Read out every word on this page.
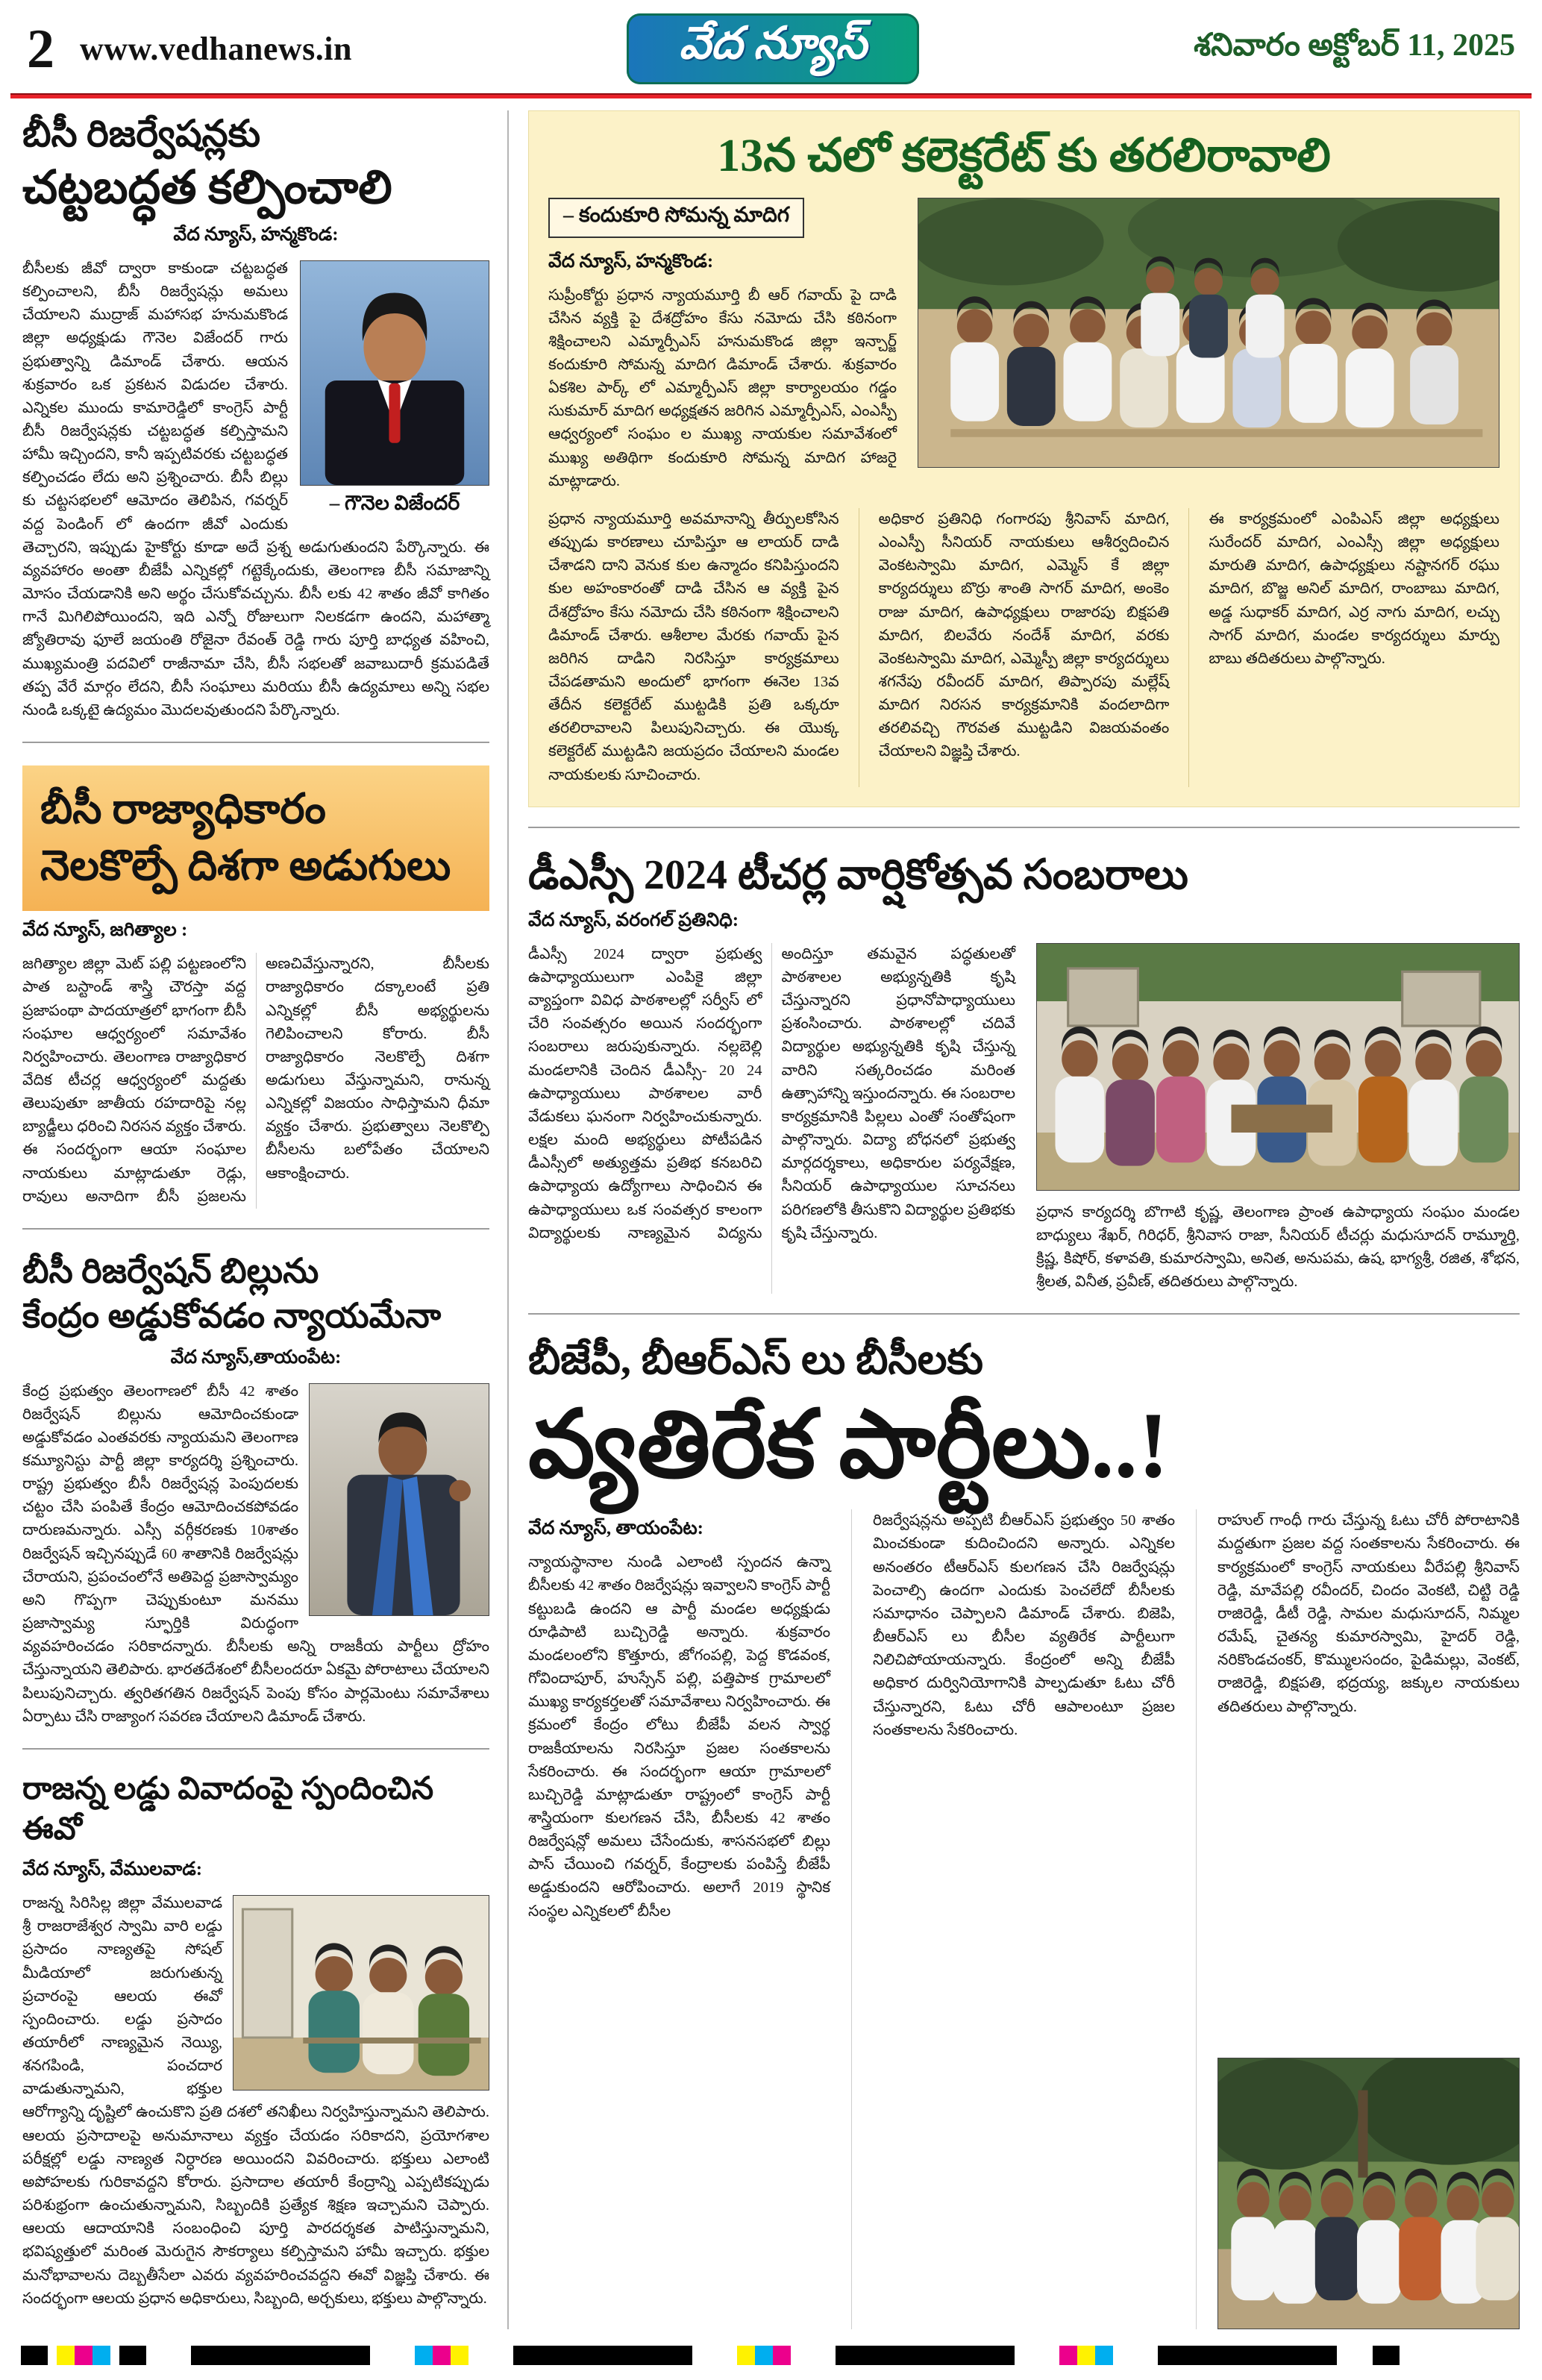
2 www.vedhanews.in	వేద న్యూస్	శనివారం అక్టోబర్ 11, 2025
బీసీ రిజర్వేషన్లకు
చట్టబద్ధత కల్పించాలి

వేద న్యూస్, హన్మకొండ:

– గౌనెల విజేందర్

బీసీలకు జీవో ద్వారా కాకుండా చట్టబద్ధత కల్పించాలని, బీసీ రిజర్వేషన్లు అమలు చేయాలని ముద్రాజ్ మహాసభ హనుమకొండ జిల్లా అధ్యక్షుడు గౌనెల విజేందర్ గారు ప్రభుత్వాన్ని డిమాండ్ చేశారు. ఆయన శుక్రవారం ఒక ప్రకటన విడుదల చేశారు. ఎన్నికల ముందు కామారెడ్డిలో కాంగ్రెస్ పార్టీ బీసీ రిజర్వేషన్లకు చట్టబద్ధత కల్పిస్తామని హామీ ఇచ్చిందని, కానీ ఇప్పటివరకు చట్టబద్ధత కల్పించడం లేదు అని ప్రశ్నించారు. బీసీ బిల్లు కు చట్టసభలలో ఆమోదం తెలిపిన, గవర్నర్ వద్ద పెండింగ్ లో ఉందగా జీవో ఎందుకు తెచ్చారని, ఇప్పుడు హైకోర్టు కూడా అదే ప్రశ్న అడుగుతుందని పేర్కొన్నారు. ఈ వ్యవహారం అంతా బీజేపీ ఎన్నికల్లో గట్టెక్కేందుకు, తెలంగాణ బీసీ సమాజాన్ని మోసం చేయడానికి అని అర్థం చేసుకోవచ్చును. బీసీ లకు 42 శాతం జీవో కాగితం గానే మిగిలిపోయిందని, ఇది ఎన్నో రోజులుగా నిలకడగా ఉందని, మహాత్మా జ్యోతిరావు ఫూలే జయంతి రోజైనా రేవంత్ రెడ్డి గారు పూర్తి బాధ్యత వహించి, ముఖ్యమంత్రి పదవిలో రాజీనామా చేసి, బీసీ సభలతో జవాబుదారీ క్రమపడితే తప్ప వేరే మార్గం లేదని, బీసీ సంఘాలు మరియు బీసీ ఉద్యమాలు అన్ని సభల నుండి ఒక్కటై ఉద్యమం మొదలవుతుందని పేర్కొన్నారు.

బీసీ రాజ్యాధికారం
నెలకొల్పే దిశగా అడుగులు

వేద న్యూస్, జగిత్యాల :

జగిత్యాల జిల్లా మెట్ పల్లి పట్టణంలోని పాత బస్టాండ్ శాస్త్రి చౌరస్తా వద్ద ప్రజాపంథా పాదయాత్రలో భాగంగా బీసీ సంఘాల ఆధ్వర్యంలో సమావేశం నిర్వహించారు. తెలంగాణ రాజ్యాధికార వేదిక టీచర్ల ఆధ్వర్యంలో మద్దతు తెలుపుతూ జాతీయ రహదారిపై నల్ల బ్యాడ్జీలు ధరించి నిరసన వ్యక్తం చేశారు. ఈ సందర్భంగా ఆయా సంఘాల నాయకులు మాట్లాడుతూ రెడ్లు, రావులు అనాదిగా బీసీ ప్రజలను అణచివేస్తున్నారని, బీసీలకు రాజ్యాధికారం దక్కాలంటే ప్రతి ఎన్నికల్లో బీసీ అభ్యర్థులను గెలిపించాలని కోరారు. బీసీ రాజ్యాధికారం నెలకొల్పే దిశగా అడుగులు వేస్తున్నామని, రానున్న ఎన్నికల్లో విజయం సాధిస్తామని ధీమా వ్యక్తం చేశారు. ప్రభుత్వాలు నెలకొల్పి బీసీలను బలోపేతం చేయాలని ఆకాంక్షించారు.

బీసీ రిజర్వేషన్ బిల్లును
కేంద్రం అడ్డుకోవడం న్యాయమేనా

వేద న్యూస్,తాయంపేట:

కేంద్ర ప్రభుత్వం తెలంగాణలో బీసీ 42 శాతం రిజర్వేషన్ బిల్లును ఆమోదించకుండా అడ్డుకోవడం ఎంతవరకు న్యాయమని తెలంగాణ కమ్యూనిస్టు పార్టీ జిల్లా కార్యదర్శి ప్రశ్నించారు. రాష్ట్ర ప్రభుత్వం బీసీ రిజర్వేషన్ల పెంపుదలకు చట్టం చేసి పంపితే కేంద్రం ఆమోదించకపోవడం దారుణమన్నారు. ఎస్సీ వర్గీకరణకు 10శాతం రిజర్వేషన్ ఇచ్చినప్పుడే 60 శాతానికి రిజర్వేషన్లు చేరాయని, ప్రపంచంలోనే అతిపెద్ద ప్రజాస్వామ్యం అని గొప్పగా చెప్పుకుంటూ మనము ప్రజాస్వామ్య స్ఫూర్తికి విరుద్ధంగా వ్యవహరించడం సరికాదన్నారు. బీసీలకు అన్ని రాజకీయ పార్టీలు ద్రోహం చేస్తున్నాయని తెలిపారు. భారతదేశంలో బీసీలందరూ ఏకమై పోరాటాలు చేయాలని పిలుపునిచ్చారు. త్వరితగతిన రిజర్వేషన్ పెంపు కోసం పార్లమెంటు సమావేశాలు ఏర్పాటు చేసి రాజ్యాంగ సవరణ చేయాలని డిమాండ్ చేశారు.

రాజన్న లడ్డు వివాదంపై స్పందించిన ఈవో

వేద న్యూస్, వేములవాడ:

రాజన్న సిరిసిల్ల జిల్లా వేములవాడ శ్రీ రాజరాజేశ్వర స్వామి వారి లడ్డు ప్రసాదం నాణ్యతపై సోషల్ మీడియాలో జరుగుతున్న ప్రచారంపై ఆలయ ఈవో స్పందించారు. లడ్డు ప్రసాదం తయారీలో నాణ్యమైన నెయ్యి, శనగపిండి, పంచదార వాడుతున్నామని, భక్తుల ఆరోగ్యాన్ని దృష్టిలో ఉంచుకొని ప్రతి దశలో తనిఖీలు నిర్వహిస్తున్నామని తెలిపారు. ఆలయ ప్రసాదాలపై అనుమానాలు వ్యక్తం చేయడం సరికాదని, ప్రయోగశాల పరీక్షల్లో లడ్డు నాణ్యత నిర్ధారణ అయిందని వివరించారు. భక్తులు ఎలాంటి అపోహలకు గురికావద్దని కోరారు. ప్రసాదాల తయారీ కేంద్రాన్ని ఎప్పటికప్పుడు పరిశుభ్రంగా ఉంచుతున్నామని, సిబ్బందికి ప్రత్యేక శిక్షణ ఇచ్చామని చెప్పారు. ఆలయ ఆదాయానికి సంబంధించి పూర్తి పారదర్శకత పాటిస్తున్నామని, భవిష్యత్తులో మరింత మెరుగైన సౌకర్యాలు కల్పిస్తామని హామీ ఇచ్చారు. భక్తుల మనోభావాలను దెబ్బతీసేలా ఎవరు వ్యవహరించవద్దని ఈవో విజ్ఞప్తి చేశారు. ఈ సందర్భంగా ఆలయ ప్రధాన అధికారులు, సిబ్బంది, అర్చకులు, భక్తులు పాల్గొన్నారు.

13న చలో కలెక్టరేట్ కు తరలిరావాలి
– కందుకూరి సోమన్న మాదిగ

వేద న్యూస్, హన్మకొండ:

సుప్రీంకోర్టు ప్రధాన న్యాయమూర్తి బీ ఆర్ గవాయ్ పై దాడి చేసిన వ్యక్తి పై దేశద్రోహం కేసు నమోదు చేసి కఠినంగా శిక్షించాలని ఎమ్మార్పీఎస్ హనుమకొండ జిల్లా ఇన్చార్జ్ కందుకూరి సోమన్న మాదిగ డిమాండ్ చేశారు. శుక్రవారం ఏకశిల పార్క్ లో ఎమ్మార్పీఎస్ జిల్లా కార్యాలయం గడ్డం సుకుమార్ మాదిగ అధ్యక్షతన జరిగిన ఎమ్మార్పీఎస్, ఎంఎస్పీ ఆధ్వర్యంలో సంఘం ల ముఖ్య నాయకుల సమావేశంలో ముఖ్య అతిథిగా కందుకూరి సోమన్న మాదిగ హాజరై మాట్లాడారు.

ప్రధాన న్యాయమూర్తి అవమానాన్ని తీర్పులకోసిన తప్పుడు కారణాలు చూపిస్తూ ఆ లాయర్ దాడి చేశాడని దాని వెనుక కుల ఉన్మాదం కనిపిస్తుందని కుల అహంకారంతో దాడి చేసిన ఆ వ్యక్తి పైన దేశద్రోహం కేసు నమోదు చేసి కఠినంగా శిక్షించాలని డిమాండ్ చేశారు. ఆశీలాల మేరకు గవాయ్ పైన జరిగిన దాడిని నిరసిస్తూ కార్యక్రమాలు చేపడతామని అందులో భాగంగా ఈనెల 13వ తేదీన కలెక్టరేట్ ముట్టడికి ప్రతి ఒక్కరూ తరలిరావాలని పిలుపునిచ్చారు. ఈ యొక్క కలెక్టరేట్ ముట్టడిని జయప్రదం చేయాలని మండల నాయకులకు సూచించారు.
అధికార ప్రతినిధి గంగారపు శ్రీనివాస్ మాదిగ, ఎంఎస్పీ సీనియర్ నాయకులు ఆశీర్వదించిన వెంకటస్వామి మాదిగ, ఎమ్మెస్ కే జిల్లా కార్యదర్శులు బొర్రు శాంతి సాగర్ మాదిగ, అంకెం రాజు మాదిగ, ఉపాధ్యక్షులు రాజారపు బిక్షపతి మాదిగ, బిలవేరు నందేశ్ మాదిగ, వరకు వెంకటస్వామి మాదిగ, ఎమ్మెస్పీ జిల్లా కార్యదర్శులు శగనేపు రవీందర్ మాదిగ, తిప్పారపు మల్లేష్ మాదిగ నిరసన కార్యక్రమానికి వందలాదిగా తరలివచ్చి గౌరవత ముట్టడిని విజయవంతం చేయాలని విజ్ఞప్తి చేశారు.
ఈ కార్యక్రమంలో ఎంపిఎస్ జిల్లా అధ్యక్షులు సురేందర్ మాదిగ, ఎంఎస్సీ జిల్లా అధ్యక్షులు మారుతి మాదిగ, ఉపాధ్యక్షులు నష్టానగర్ రఘు మాదిగ, బొజ్జ అనిల్ మాదిగ, రాంబాబు మాదిగ, అడ్డ సుధాకర్ మాదిగ, ఎర్ర నాగు మాదిగ, లచ్చు సాగర్ మాదిగ, మండల కార్యదర్శులు మార్పు బాబు తదితరులు పాల్గొన్నారు.
డీఎస్సీ 2024 టీచర్ల వార్షికోత్సవ సంబరాలు

వేద న్యూస్, వరంగల్ ప్రతినిధి:

డీఎస్సీ 2024 ద్వారా ప్రభుత్వ ఉపాధ్యాయులుగా ఎంపికై జిల్లా వ్యాప్తంగా వివిధ పాఠశాలల్లో సర్వీస్ లో చేరి సంవత్సరం అయిన సందర్భంగా సంబరాలు జరుపుకున్నారు. నల్లబెల్లి మండలానికి చెందిన డీఎస్సీ- 20 24 ఉపాధ్యాయులు పాఠశాలల వారీ వేడుకలు ఘనంగా నిర్వహించుకున్నారు. లక్షల మంది అభ్యర్థులు పోటీపడిన డీఎస్సీలో అత్యుత్తమ ప్రతిభ కనబరిచి ఉపాధ్యాయ ఉద్యోగాలు సాధించిన ఈ ఉపాధ్యాయులు ఒక సంవత్సర కాలంగా విద్యార్థులకు నాణ్యమైన విద్యను అందిస్తూ తమవైన పద్ధతులతో పాఠశాలల అభ్యున్నతికి కృషి చేస్తున్నారని ప్రధానోపాధ్యాయులు ప్రశంసించారు. పాఠశాలల్లో చదివే విద్యార్థుల అభ్యున్నతికి కృషి చేస్తున్న వారిని సత్కరించడం మరింత ఉత్సాహాన్ని ఇస్తుందన్నారు. ఈ సంబరాల కార్యక్రమానికి పిల్లలు ఎంతో సంతోషంగా పాల్గొన్నారు. విద్యా బోధనలో ప్రభుత్వ మార్గదర్శకాలు, అధికారుల పర్యవేక్షణ, సీనియర్ ఉపాధ్యాయుల సూచనలు పరిగణలోకి తీసుకొని విద్యార్థుల ప్రతిభకు కృషి చేస్తున్నారు.
ప్రధాన కార్యదర్శి బొగాటి కృష్ణ, తెలంగాణ ప్రాంత ఉపాధ్యాయ సంఘం మండల బాధ్యులు శేఖర్, గిరిధర్, శ్రీనివాస రాజా, సీనియర్ టీచర్లు మధుసూదన్ రామ్మూర్తి, క్రిష్ణ, కిషోర్, కళావతి, కుమారస్వామి, అనిత, అనుపమ, ఉష, భాగ్యశ్రీ, రజిత, శోభన, శ్రీలత, వినీత, ప్రవీణ్, తదితరులు పాల్గొన్నారు.
బీజేపీ, బీఆర్ఎస్ లు బీసీలకు
వ్యతిరేక పార్టీలు..!

వేద న్యూస్, తాయంపేట:

న్యాయస్థానాల నుండి ఎలాంటి స్పందన ఉన్నా బీసీలకు 42 శాతం రిజర్వేషన్లు ఇవ్వాలని కాంగ్రెస్ పార్టీ కట్టుబడి ఉందని ఆ పార్టీ మండల అధ్యక్షుడు రూఢిపాటి బుచ్చిరెడ్డి అన్నారు. శుక్రవారం మండలంలోని కొత్తూరు, జోగంపల్లి, పెద్ద కొడవంక, గోవిందాపూర్, హుస్సేన్ పల్లి, పత్తిపాక గ్రామాలలో ముఖ్య కార్యకర్తలతో సమావేశాలు నిర్వహించారు. ఈ క్రమంలో కేంద్రం లోటు బీజేపీ వలన స్వార్థ రాజకీయాలను నిరసిస్తూ ప్రజల సంతకాలను సేకరించారు. ఈ సందర్భంగా ఆయా గ్రామాలలో బుచ్చిరెడ్డి మాట్లాడుతూ రాష్ట్రంలో కాంగ్రెస్ పార్టీ శాస్త్రియంగా కులగణన చేసి, బీసీలకు 42 శాతం రిజర్వేషన్లో అమలు చేసేందుకు, శాసనసభలో బిల్లు పాస్ చేయించి గవర్నర్, కేంద్రాలకు పంపిస్తే బీజేపీ అడ్డుకుందని ఆరోపించారు. అలాగే 2019 స్థానిక సంస్థల ఎన్నికలలో బీసీల

రిజర్వేషన్లను అప్పటి బీఆర్ఎస్ ప్రభుత్వం 50 శాతం మించకుండా కుదించిందని అన్నారు. ఎన్నికల అనంతరం టీఆర్ఎస్ కులగణన చేసి రిజర్వేషన్లు పెంచాల్సి ఉందగా ఎందుకు పెంచలేదో బీసీలకు సమాధానం చెప్పాలని డిమాండ్ చేశారు. బిజెపి, బీఆర్ఎస్ లు బీసీల వ్యతిరేక పార్టీలుగా నిలిచిపోయాయన్నారు. కేంద్రంలో అన్ని బీజేపీ అధికార దుర్వినియోగానికి పాల్పడుతూ ఓటు చోరీ చేస్తున్నారని, ఓటు చోరీ ఆపాలంటూ ప్రజల సంతకాలను సేకరించారు.

రాహుల్ గాంధీ గారు చేస్తున్న ఓటు చోరీ పోరాటానికి మద్దతుగా ప్రజల వద్ద సంతకాలను సేకరించారు. ఈ కార్యక్రమంలో కాంగ్రెస్ నాయకులు వీరేపల్లి శ్రీనివాస్ రెడ్డి, మావేపల్లి రవీందర్, చిందం వెంకటి, చిట్టి రెడ్డి రాజిరెడ్డి, డీటీ రెడ్డి, సామల మధుసూదన్, నిమ్మల రమేష్, చైతన్య కుమారస్వామి, హైదర్ రెడ్డి, నరికొండచంకర్, కొమ్ములసందం, పైడిమల్లు, వెంకట్, రాజిరెడ్డి, బిక్షపతి, భద్రయ్య, జక్కుల నాయకులు తదితరులు పాల్గొన్నారు.
